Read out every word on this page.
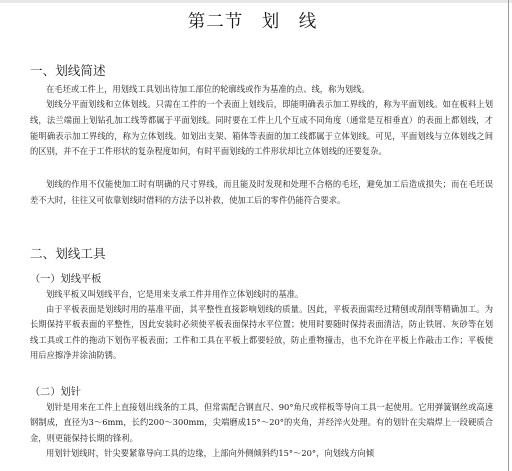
第二节　划　线
一、划线简述

在毛坯或工件上，用划线工具划出待加工部位的轮廓线或作为基准的点、线，称为划线。

划线分平面划线和立体划线。只需在工件的一个表面上划线后，即能明确表示加工界线的，称为平面划线。如在板料上划线，法兰端面上划钻孔加工线等都属于平面划线。同时要在工件上几个互成不同角度（通常是互相垂直）的表面上都划线，才能明确表示加工界线的，称为立体划线。如划出支架、箱体等表面的加工线都属于立体划线。可见，平面划线与立体划线之间的区别，并不在于工件形状的复杂程度如何，有时平面划线的工件形状却比立体划线的还要复杂。

划线的作用不仅能使加工时有明确的尺寸界线，而且能及时发现和处理不合格的毛坯，避免加工后造成损失；而在毛坯误差不大时，往往又可依靠划线时借料的方法予以补救，使加工后的零件仍能符合要求。

二、划线工具
（一）划线平板

划线平板又叫划线平台，它是用来支承工件并用作立体划线时的基准。

由于平板表面是划线时用的基准平面，其平整性直接影响划线的质量。因此，平板表面需经过精刨或刮削等精确加工。为长期保持平板表面的平整性，因此安装时必须使平板表面保持水平位置；使用时要随时保持表面清洁，防止铁屑、灰砂等在划线工具或工件的拖动下划伤平板表面；工件和工具在平板上都要轻放，防止重物撞击，也不允许在平板上作敲击工作；平板使用后应擦净并涂油防锈。

（二）划针

划针是用来在工件上直接划出线条的工具，但常需配合钢直尺、90°角尺或样板等导向工具一起使用。它用弹簧钢丝或高速钢制成，直径为3～6mm，长约200～300mm，尖端磨成15°～20°的夹角，并经淬火处理。有的划针在尖端焊上一段硬质合金，则更能保持长期的锋利。

用划针划线时，针尖要紧靠导向工具的边缘，上部向外侧倾斜约15°～20°，向划线方向倾
